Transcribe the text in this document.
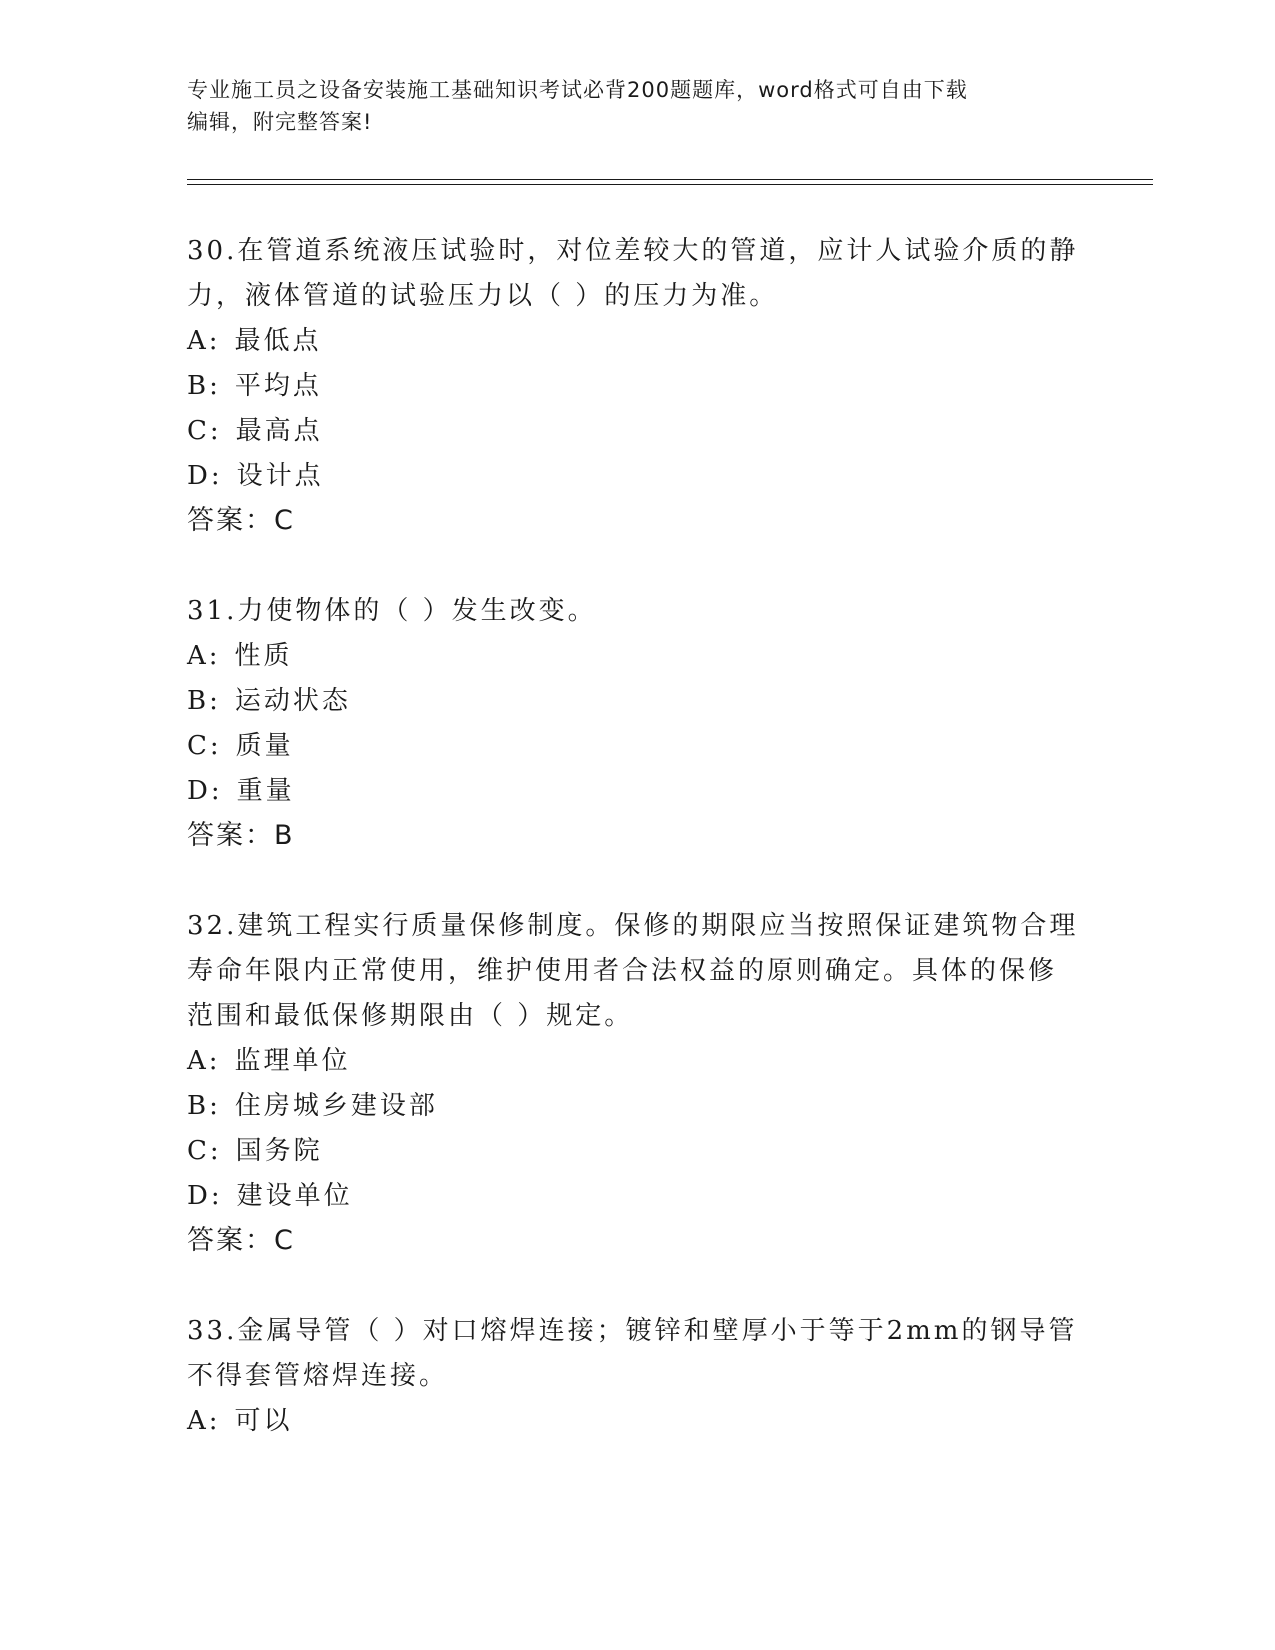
专业施工员之设备安装施工基础知识考试必背200题题库，word格式可自由下载
编辑，附完整答案!

30.在管道系统液压试验时，对位差较大的管道，应计人试验介质的静

力，液体管道的试验压力以（ ）的压力为准。

A: 最低点

B: 平均点

C: 最高点

D: 设计点

答案：C

31.力使物体的（ ）发生改变。

A: 性质

B: 运动状态

C: 质量

D: 重量

答案：B

32.建筑工程实行质量保修制度。保修的期限应当按照保证建筑物合理

寿命年限内正常使用，维护使用者合法权益的原则确定。具体的保修

范围和最低保修期限由（ ）规定。

A: 监理单位

B: 住房城乡建设部

C: 国务院

D: 建设单位

答案：C

33.金属导管（ ）对口熔焊连接；镀锌和壁厚小于等于2mm的钢导管

不得套管熔焊连接。

A: 可以
